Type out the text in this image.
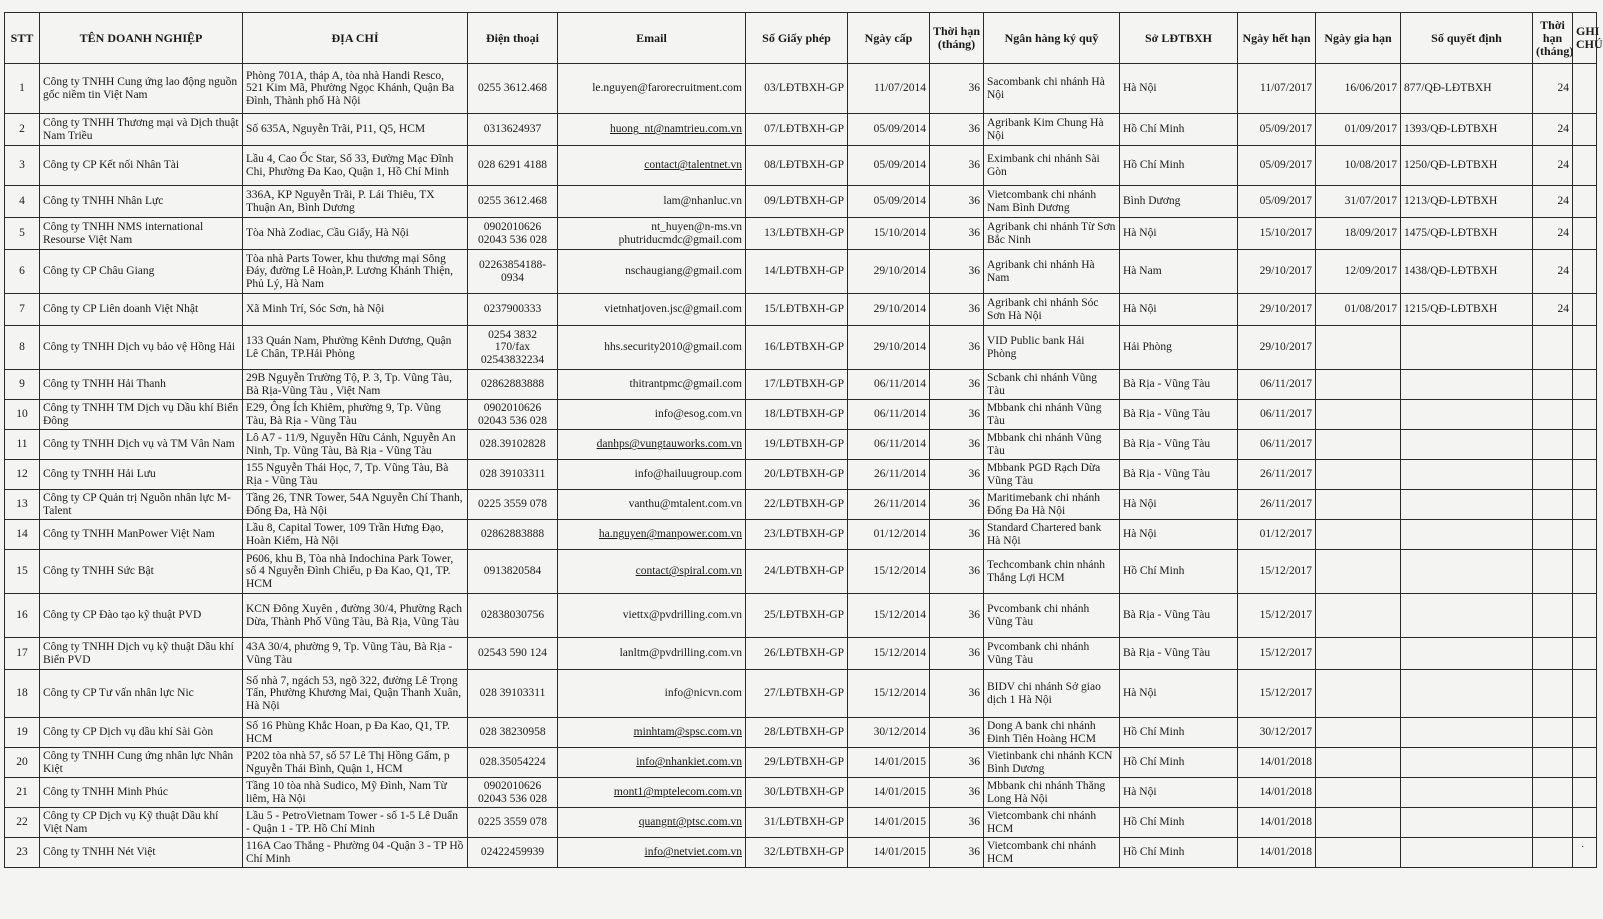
STT	TÊN DOANH NGHIỆP	ĐỊA CHỈ	Điện thoại	Email	Số Giấy phép	Ngày cấp	Thời hạn (tháng)	Ngân hàng ký quỹ	Sở LĐTBXH	Ngày hết hạn	Ngày gia hạn	Số quyết định	Thời hạn (tháng)	GHI CHÚ
1	Công ty TNHH Cung ứng lao động nguồn gốc niềm tin Việt Nam	Phòng 701A, tháp A, tòa nhà Handi Resco, 521 Kim Mã, Phường Ngọc Khánh, Quận Ba Đình, Thành phố Hà Nội	0255 3612.468	le.nguyen@farorecruitment.com	03/LĐTBXH-GP	11/07/2014	36	Sacombank chi nhánh Hà Nội	Hà Nội	11/07/2017	16/06/2017	877/QĐ-LĐTBXH	24	
2	Công ty TNHH Thương mại và Dịch thuật Nam Triều	Số 635A, Nguyễn Trãi, P11, Q5, HCM	0313624937	huong_nt@namtrieu.com.vn	07/LĐTBXH-GP	05/09/2014	36	Agribank Kim Chung Hà Nội	Hồ Chí Minh	05/09/2017	01/09/2017	1393/QĐ-LĐTBXH	24	
3	Công ty CP Kết nối Nhân Tài	Lầu 4, Cao Ốc Star, Số 33, Đường Mạc Đĩnh Chi, Phường Đa Kao, Quận 1, Hồ Chí Minh	028 6291 4188	contact@talentnet.vn	08/LĐTBXH-GP	05/09/2014	36	Eximbank chi nhánh Sài Gòn	Hồ Chí Minh	05/09/2017	10/08/2017	1250/QĐ-LĐTBXH	24	
4	Công ty TNHH Nhân Lực	336A, KP Nguyễn Trãi, P. Lái Thiêu, TX Thuận An, Bình Dương	0255 3612.468	lam@nhanluc.vn	09/LĐTBXH-GP	05/09/2014	36	Vietcombank chi nhánh Nam Bình Dương	Bình Dương	05/09/2017	31/07/2017	1213/QĐ-LĐTBXH	24	
5	Công ty TNHH NMS international Resourse Việt Nam	Tòa Nhà Zodiac, Cầu Giấy, Hà Nội	0902010626 02043 536 028	nt_huyen@n-ms.vn phutriducmdc@gmail.com	13/LĐTBXH-GP	15/10/2014	36	Agribank chi nhánh Từ Sơn Bắc Ninh	Hà Nội	15/10/2017	18/09/2017	1475/QĐ-LĐTBXH	24	
6	Công ty CP Châu Giang	Tòa nhà Parts Tower, khu thương mại Sông Đáy, đường Lê Hoàn,P. Lương Khánh Thiện, Phủ Lý, Hà Nam	02263854188- 0934	nschaugiang@gmail.com	14/LĐTBXH-GP	29/10/2014	36	Agribank chi nhánh Hà Nam	Hà Nam	29/10/2017	12/09/2017	1438/QĐ-LĐTBXH	24	
7	Công ty CP Liên doanh Việt Nhật	Xã Minh Trí, Sóc Sơn, hà Nội	0237900333	vietnhatjoven.jsc@gmail.com	15/LĐTBXH-GP	29/10/2014	36	Agribank chi nhánh Sóc Sơn Hà Nội	Hà Nội	29/10/2017	01/08/2017	1215/QĐ-LĐTBXH	24	
8	Công ty TNHH Dịch vụ bảo vệ Hồng Hải	133 Quán Nam, Phường Kênh Dương, Quận Lê Chân, TP.Hải Phòng	0254 3832 170/fax 02543832234	hhs.security2010@gmail.com	16/LĐTBXH-GP	29/10/2014	36	VID Public bank Hải Phòng	Hải Phòng	29/10/2017				
9	Công ty TNHH Hải Thanh	29B Nguyễn Trường Tộ, P. 3, Tp. Vũng Tàu, Bà Rịa-Vũng Tàu , Việt Nam	02862883888	thitrantpmc@gmail.com	17/LĐTBXH-GP	06/11/2014	36	Scbank chi nhánh Vũng Tàu	Bà Rịa - Vũng Tàu	06/11/2017				
10	Công ty TNHH TM Dịch vụ Dầu khí Biển Đông	E29, Ông Ích Khiêm, phường 9, Tp. Vũng Tàu, Bà Rịa - Vũng Tàu	0902010626 02043 536 028	info@esog.com.vn	18/LĐTBXH-GP	06/11/2014	36	Mbbank chi nhánh Vũng Tàu	Bà Rịa - Vũng Tàu	06/11/2017				
11	Công ty TNHH Dịch vụ và TM Vân Nam	Lô A7 - 11/9, Nguyễn Hữu Cảnh, Nguyễn An Ninh, Tp. Vũng Tàu, Bà Rịa - Vũng Tàu	028.39102828	danhps@vungtauworks.com.vn	19/LĐTBXH-GP	06/11/2014	36	Mbbank chi nhánh Vũng Tàu	Bà Rịa - Vũng Tàu	06/11/2017				
12	Công ty TNHH Hải Lưu	155 Nguyễn Thái Học, 7, Tp. Vũng Tàu, Bà Rịa - Vũng Tàu	028 39103311	info@hailuugroup.com	20/LĐTBXH-GP	26/11/2014	36	Mbbank PGD Rạch Dừa Vũng Tàu	Bà Rịa - Vũng Tàu	26/11/2017				
13	Công ty CP Quản trị Nguồn nhân lực M-Talent	Tầng 26, TNR Tower, 54A Nguyễn Chí Thanh, Đống Đa, Hà Nội	0225 3559 078	vanthu@mtalent.com.vn	22/LĐTBXH-GP	26/11/2014	36	Maritimebank chi nhánh Đống Đa Hà Nội	Hà Nội	26/11/2017				
14	Công ty TNHH ManPower Việt Nam	Lầu 8, Capital Tower, 109 Trần Hưng Đạo, Hoàn Kiếm, Hà Nội	02862883888	ha.nguyen@manpower.com.vn	23/LĐTBXH-GP	01/12/2014	36	Standard Chartered bank Hà Nội	Hà Nội	01/12/2017				
15	Công ty TNHH Sức Bật	P606, khu B, Tòa nhà Indochina Park Tower, số 4 Nguyễn Đình Chiểu, p Đa Kao, Q1, TP. HCM	0913820584	contact@spiral.com.vn	24/LĐTBXH-GP	15/12/2014	36	Techcombank chin nhánh Thắng Lợi HCM	Hồ Chí Minh	15/12/2017				
16	Công ty CP Đào tạo kỹ thuật PVD	KCN Đông Xuyên , đường 30/4, Phường Rạch Dừa, Thành Phố Vũng Tàu, Bà Rịa, Vũng Tàu	02838030756	viettx@pvdrilling.com.vn	25/LĐTBXH-GP	15/12/2014	36	Pvcombank chi nhánh Vũng Tàu	Bà Rịa - Vũng Tàu	15/12/2017				
17	Công ty TNHH Dịch vụ kỹ thuật Dầu khí Biển PVD	43A 30/4, phường 9, Tp. Vũng Tàu, Bà Rịa - Vũng Tàu	02543 590 124	lanltm@pvdrilling.com.vn	26/LĐTBXH-GP	15/12/2014	36	Pvcombank chi nhánh Vũng Tàu	Bà Rịa - Vũng Tàu	15/12/2017				
18	Công ty CP Tư vấn nhân lực Nic	Số nhà 7, ngách 53, ngõ 322, đường Lê Trọng Tấn, Phường Khương Mai, Quận Thanh Xuân, Hà Nội	028 39103311	info@nicvn.com	27/LĐTBXH-GP	15/12/2014	36	BIDV chi nhánh Sở giao dịch 1 Hà Nội	Hà Nội	15/12/2017				
19	Công ty CP Dịch vụ dầu khí Sài Gòn	Số 16 Phùng Khắc Hoan, p Đa Kao, Q1, TP. HCM	028 38230958	minhtam@spsc.com.vn	28/LĐTBXH-GP	30/12/2014	36	Dong A bank chi nhánh Đinh Tiên Hoàng HCM	Hồ Chí Minh	30/12/2017				
20	Công ty TNHH Cung ứng nhân lực Nhân Kiệt	P202 tòa nhà 57, số 57 Lê Thị Hồng Gấm, p Nguyễn Thái Bình, Quận 1, HCM	028.35054224	info@nhankiet.com.vn	29/LĐTBXH-GP	14/01/2015	36	Vietinbank chi nhánh KCN Bình Dương	Hồ Chí Minh	14/01/2018				
21	Công ty TNHH Minh Phúc	Tầng 10 tòa nhà Sudico, Mỹ Đình, Nam Từ liêm, Hà Nội	0902010626 02043 536 028	mont1@mptelecom.com.vn	30/LĐTBXH-GP	14/01/2015	36	Mbbank chi nhánh Thăng Long Hà Nội	Hà Nội	14/01/2018				
22	Công ty CP Dịch vụ Kỹ thuật Dầu khí Việt Nam	Lầu 5 - PetroVietnam Tower - số 1-5 Lê Duẩn - Quận 1 - TP. Hồ Chí Minh	0225 3559 078	quangnt@ptsc.com.vn	31/LĐTBXH-GP	14/01/2015	36	Vietcombank chi nhánh HCM	Hồ Chí Minh	14/01/2018				
23	Công ty TNHH Nét Việt	116A Cao Thắng - Phường 04 -Quận 3 - TP Hồ Chí Minh	02422459939	info@netviet.com.vn	32/LĐTBXH-GP	14/01/2015	36	Vietcombank chi nhánh HCM	Hồ Chí Minh	14/01/2018				
.
